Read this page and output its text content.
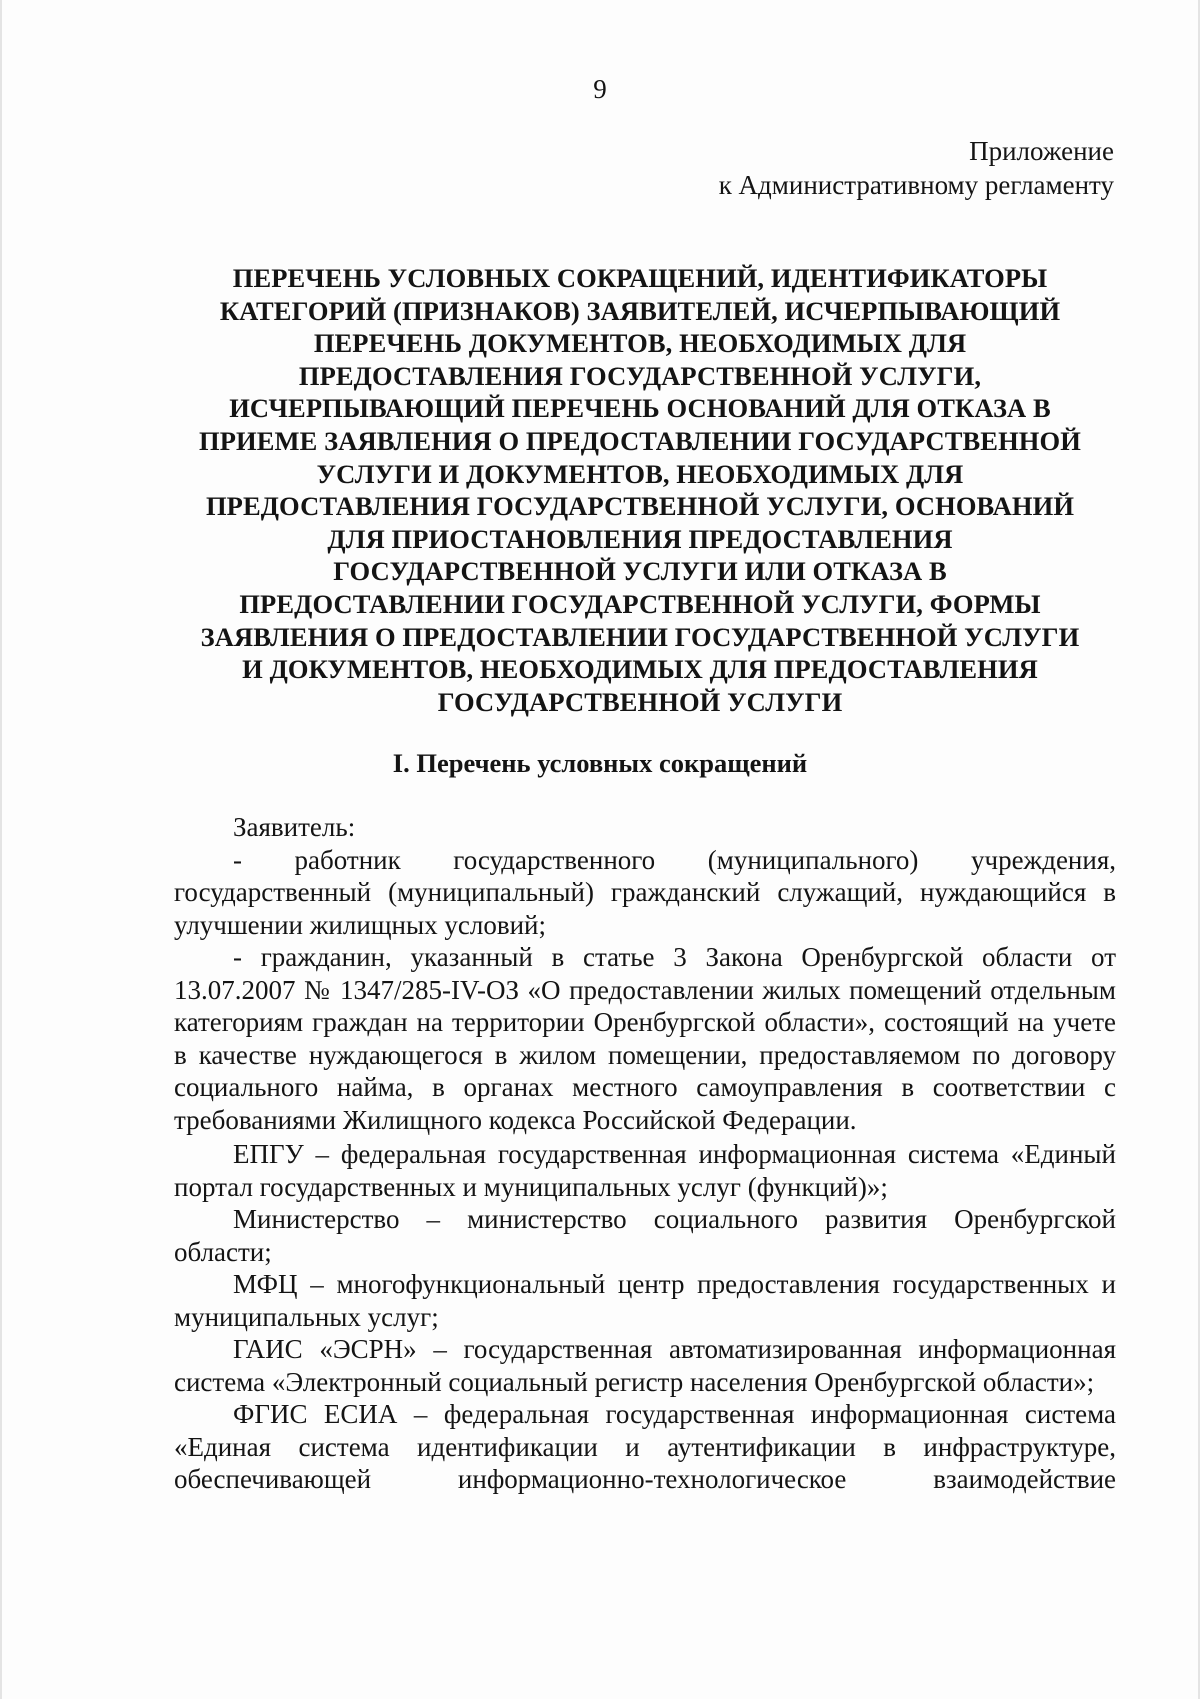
9
Приложение
к Административному регламенту
ПЕРЕЧЕНЬ УСЛОВНЫХ СОКРАЩЕНИЙ, ИДЕНТИФИКАТОРЫ
КАТЕГОРИЙ (ПРИЗНАКОВ) ЗАЯВИТЕЛЕЙ, ИСЧЕРПЫВАЮЩИЙ
ПЕРЕЧЕНЬ ДОКУМЕНТОВ, НЕОБХОДИМЫХ ДЛЯ
ПРЕДОСТАВЛЕНИЯ ГОСУДАРСТВЕННОЙ УСЛУГИ,
ИСЧЕРПЫВАЮЩИЙ ПЕРЕЧЕНЬ ОСНОВАНИЙ ДЛЯ ОТКАЗА В
ПРИЕМЕ ЗАЯВЛЕНИЯ О ПРЕДОСТАВЛЕНИИ ГОСУДАРСТВЕННОЙ
УСЛУГИ И ДОКУМЕНТОВ, НЕОБХОДИМЫХ ДЛЯ
ПРЕДОСТАВЛЕНИЯ ГОСУДАРСТВЕННОЙ УСЛУГИ, ОСНОВАНИЙ
ДЛЯ ПРИОСТАНОВЛЕНИЯ ПРЕДОСТАВЛЕНИЯ
ГОСУДАРСТВЕННОЙ УСЛУГИ ИЛИ ОТКАЗА В
ПРЕДОСТАВЛЕНИИ ГОСУДАРСТВЕННОЙ УСЛУГИ, ФОРМЫ
ЗАЯВЛЕНИЯ О ПРЕДОСТАВЛЕНИИ ГОСУДАРСТВЕННОЙ УСЛУГИ
И ДОКУМЕНТОВ, НЕОБХОДИМЫХ ДЛЯ ПРЕДОСТАВЛЕНИЯ
ГОСУДАРСТВЕННОЙ УСЛУГИ
I. Перечень условных сокращений

Заявитель:

- работник государственного (муниципального) учреждения, государственный (муниципальный) гражданский служащий, нуждающийся в улучшении жилищных условий;

- гражданин, указанный в статье 3 Закона Оренбургской области от 13.07.2007 № 1347/285-IV-ОЗ «О предоставлении жилых помещений отдельным категориям граждан на территории Оренбургской области», состоящий на учете в качестве нуждающегося в жилом помещении, предоставляемом по договору социального найма, в органах местного самоуправления в соответствии с требованиями Жилищного кодекса Российской Федерации.

ЕПГУ – федеральная государственная информационная система «Единый портал государственных и муниципальных услуг (функций)»;

Министерство – министерство социального развития Оренбургской области;

МФЦ – многофункциональный центр предоставления государственных и муниципальных услуг;

ГАИС «ЭСРН» – государственная автоматизированная информационная система «Электронный социальный регистр населения Оренбургской области»;

ФГИС ЕСИА – федеральная государственная информационная система «Единая система идентификации и аутентификации в инфраструктуре, обеспечивающей информационно-технологическое взаимодействие
